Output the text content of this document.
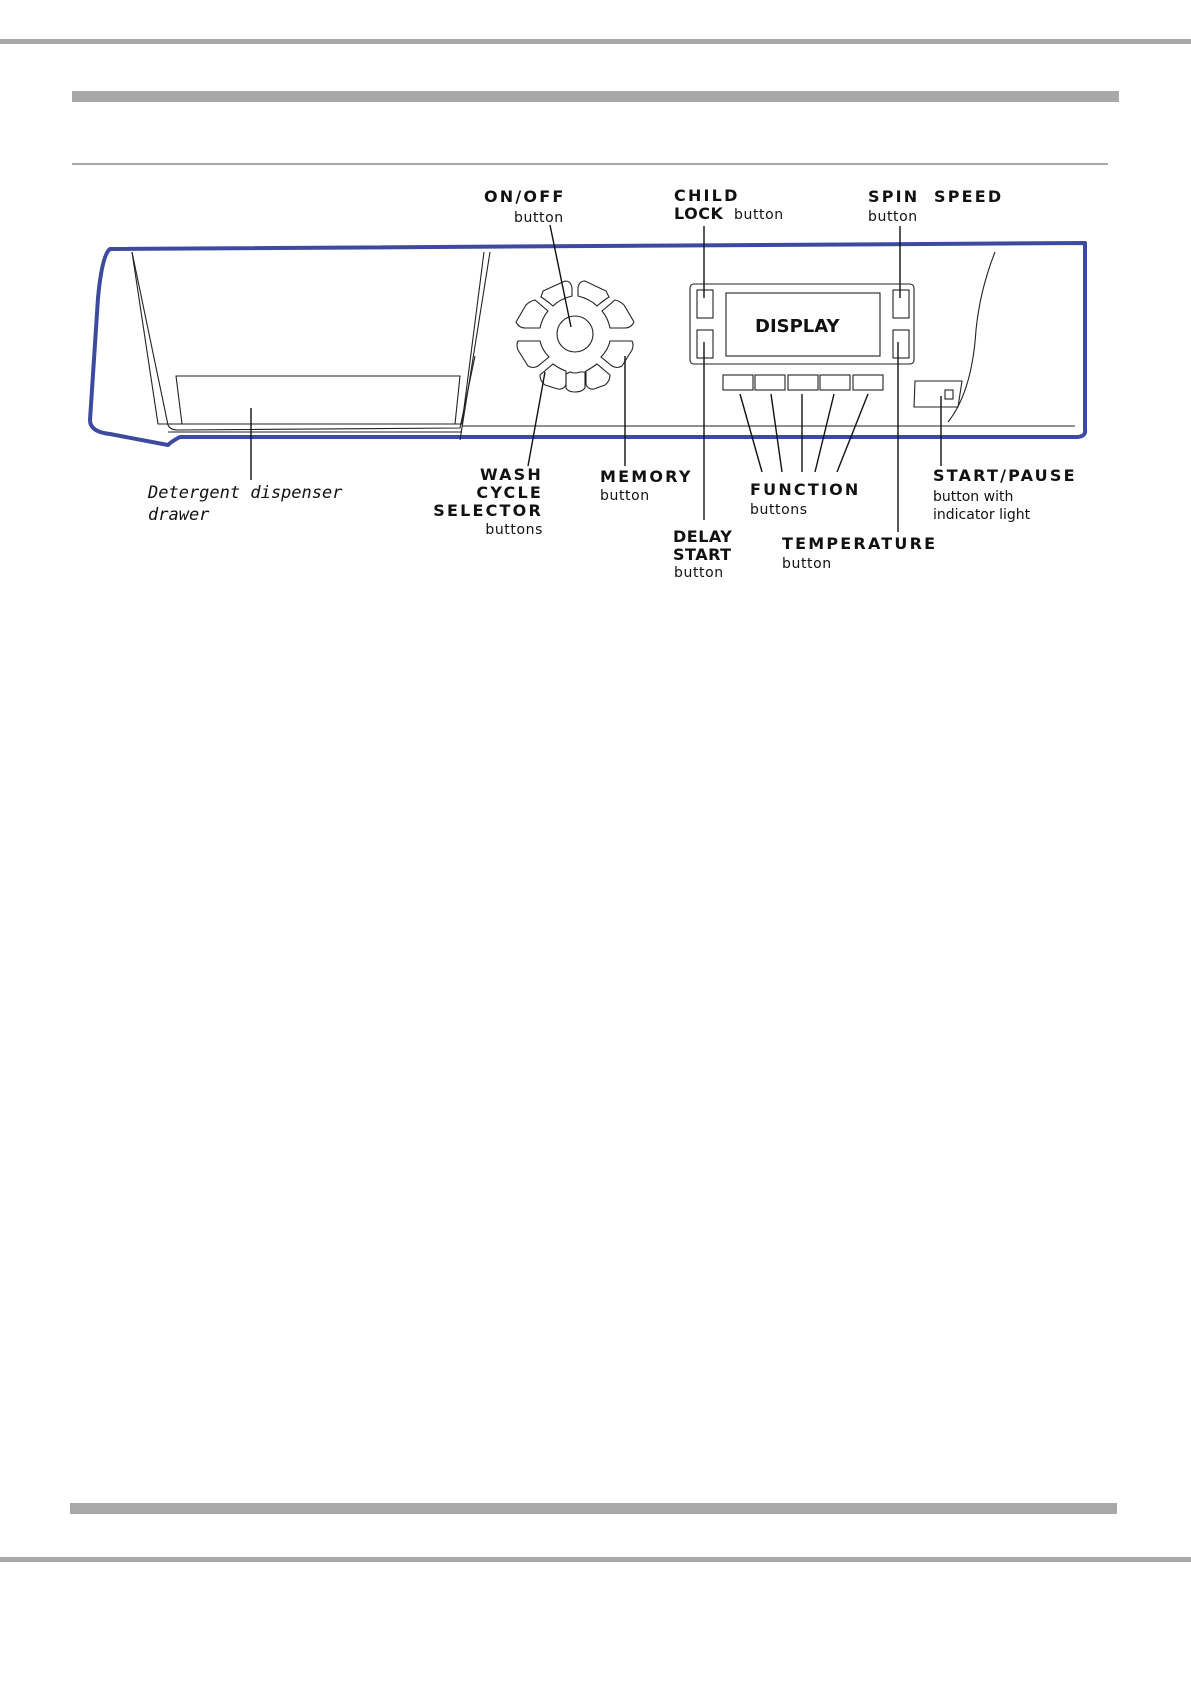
DISPLAY
ON/OFF
button
CHILD
LOCK button
SPIN SPEED
button
Detergent dispenser
drawer
WASH
CYCLE
SELECTOR
buttons
MEMORY
button	FUNCTION
buttons
START/PAUSE
button with
indicator light
DELAY
START
button
TEMPERATURE
button
